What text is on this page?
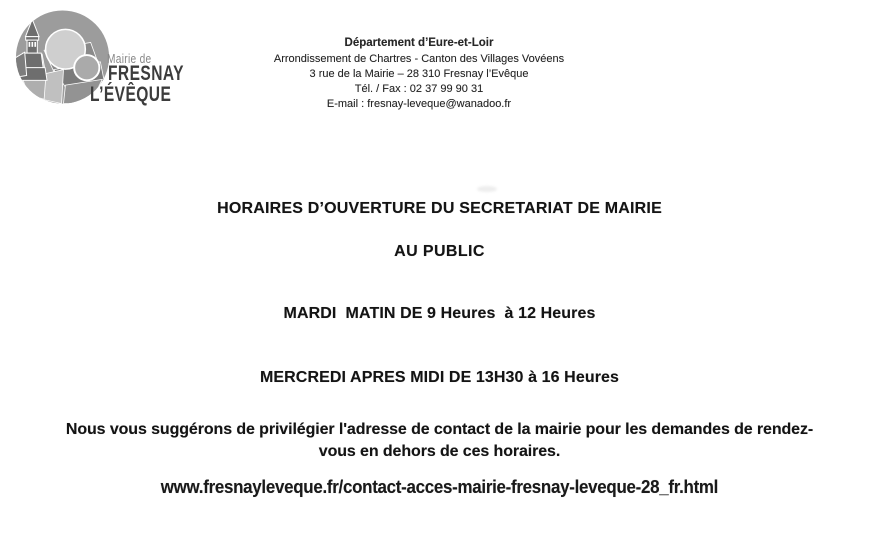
Mairie de
FRESNAY
L’ÉVÊQUE
Département d’Eure-et-Loir
Arrondissement de Chartres - Canton des Villages Vovéens
3 rue de la Mairie – 28 310 Fresnay l’Evêque
Tél. / Fax : 02 37 99 90 31
E-mail : fresnay-leveque@wanadoo.fr
HORAIRES D’OUVERTURE DU SECRETARIAT DE MAIRIE
AU PUBLIC
MARDI  MATIN DE 9 Heures  à 12 Heures
MERCREDI APRES MIDI DE 13H30 à 16 Heures
Nous vous suggérons de privilégier l'adresse de contact de la mairie pour les demandes de rendez-
vous en dehors de ces horaires.
www.fresnayleveque.fr/contact-acces-mairie-fresnay-leveque-28_fr.html
